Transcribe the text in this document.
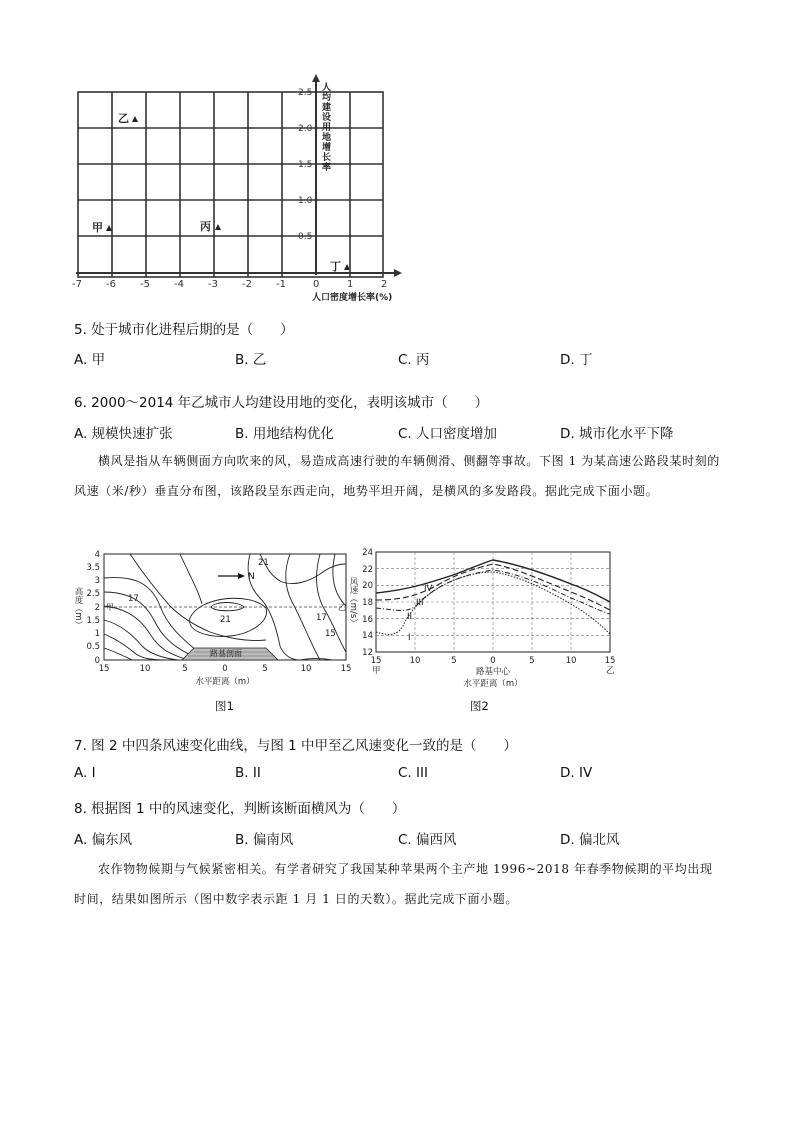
人均建设用地增长率
2.5
2.0
1.5
1.0
0.5
-7 -6 -5 -4 -3 -2 -1	0	1	2
人口密度增长率(%)
乙
甲	丙
丁
5. 处于城市化进程后期的是（　　）
A. 甲	B. 乙	C. 丙	D. 丁
6. 2000～2014 年乙城市人均建设用地的变化，表明该城市（　　）
A. 规模快速扩张	B. 用地结构优化	C. 人口密度增加	D. 城市化水平下降
横风是指从车辆侧面方向吹来的风，易造成高速行驶的车辆侧滑、侧翻等事故。下图 1 为某高速公路段某时刻的风速（米/秒）垂直分布图，该路段呈东西走向，地势平坦开阔，是横风的多发路段。据此完成下面小题。
4
3.5
3
2.5
2
1.5
1
0.5
0
高度（m）	甲	乙
路基剖面
21
17
21	17
15
N
15	10	5	0	5	10	15
水平距离（m）
图1
24
22
20
18
16
14
12
风速（m/s）	IV
III
II
I
15	10	5	0	5	10	15
甲	乙
路基中心
水平距离（m）
图2
7. 图 2 中四条风速变化曲线，与图 1 中甲至乙风速变化一致的是（　　）
A. I	B. II	C. III	D. IV
8. 根据图 1 中的风速变化，判断该断面横风为（　　）
A. 偏东风	B. 偏南风	C. 偏西风	D. 偏北风
农作物物候期与气候紧密相关。有学者研究了我国某种苹果两个主产地 1996~2018 年春季物候期的平均出现时间，结果如图所示（图中数字表示距 1 月 1 日的天数）。据此完成下面小题。
